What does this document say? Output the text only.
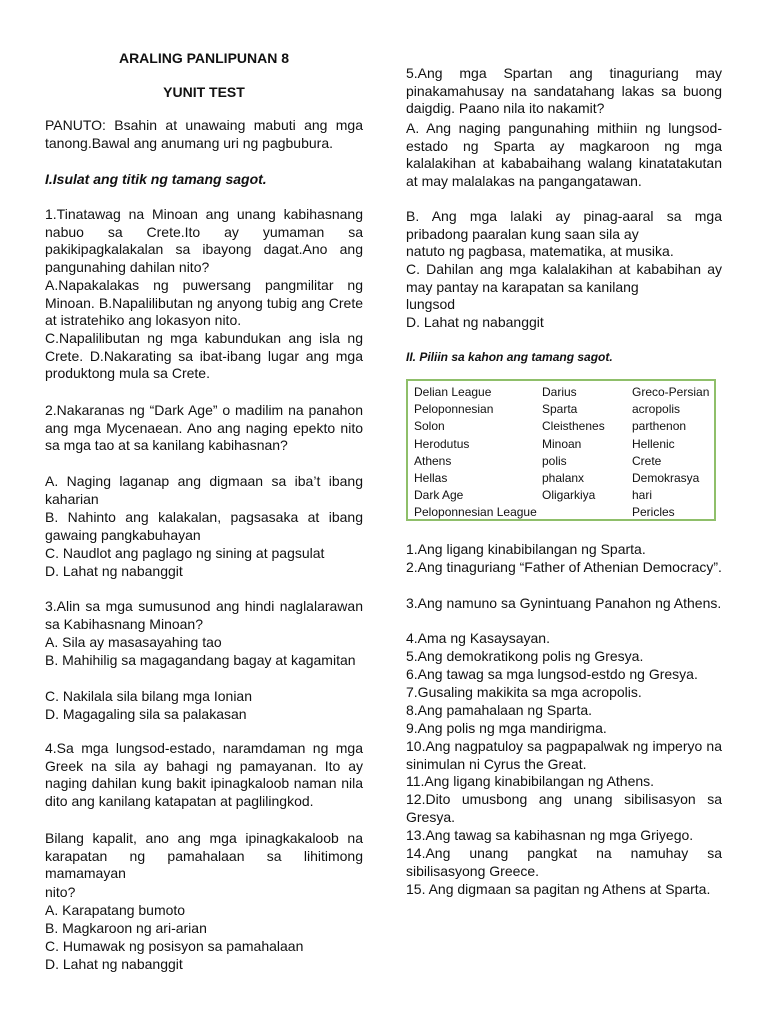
ARALING PANLIPUNAN 8
YUNIT TEST

PANUTO: Bsahin at unawaing mabuti ang mga tanong.Bawal ang anumang uri ng pagbubura.

I.Isulat ang titik ng tamang sagot.

1.Tinatawag na Minoan ang unang kabihasnang nabuo sa Crete.Ito ay yumaman sa pakikipagkalakalan sa ibayong dagat.Ano ang pangunahing dahilan nito?

A.Napakalakas ng puwersang pangmilitar ng Minoan. B.Napalilibutan ng anyong tubig ang Crete at istratehiko ang lokasyon nito.

C.Napalilibutan ng mga kabundukan ang isla ng Crete. D.Nakarating sa ibat-ibang lugar ang mga produktong mula sa Crete.

2.Nakaranas ng “Dark Age” o madilim na panahon ang mga Mycenaean. Ano ang naging epekto nito sa mga tao at sa kanilang kabihasnan?

A. Naging laganap ang digmaan sa iba’t ibang kaharian

B. Nahinto ang kalakalan, pagsasaka at ibang gawaing pangkabuhayan

C. Naudlot ang paglago ng sining at pagsulat

D. Lahat ng nabanggit

3.Alin sa mga sumusunod ang hindi naglalarawan sa Kabihasnang Minoan?

A. Sila ay masasayahing tao

B. Mahihilig sa magagandang bagay at kagamitan

C. Nakilala sila bilang mga Ionian

D. Magagaling sila sa palakasan

4.Sa mga lungsod-estado, naramdaman ng mga Greek na sila ay bahagi ng pamayanan. Ito ay naging dahilan kung bakit ipinagkaloob naman nila dito ang kanilang katapatan at paglilingkod.

Bilang kapalit, ano ang mga ipinagkakaloob na karapatan ng pamahalaan sa lihitimong mamamayan

nito?

A. Karapatang bumoto

B. Magkaroon ng ari-arian

C. Humawak ng posisyon sa pamahalaan

D. Lahat ng nabanggit

5.Ang mga Spartan ang tinaguriang may pinakamahusay na sandatahang lakas sa buong daigdig. Paano nila ito nakamit?

A. Ang naging pangunahing mithiin ng lungsod-estado ng Sparta ay magkaroon ng mga kalalakihan at kababaihang walang kinatatakutan at may malalakas na pangangatawan.

B. Ang mga lalaki ay pinag-aaral sa mga pribadong paaralan kung saan sila ay

natuto ng pagbasa, matematika, at musika.

C. Dahilan ang mga kalalakihan at kababihan ay may pantay na karapatan sa kanilang

lungsod

D. Lahat ng nabanggit

II. Piliin sa kahon ang tamang sagot.

Delian League
Peloponnesian
Solon
Herodutus
Athens
Hellas
Dark Age
Peloponnesian League
Darius
Sparta
Cleisthenes
Minoan
polis
phalanx
Oligarkiya
Greco-Persian
acropolis
parthenon
Hellenic
Crete
Demokrasya
hari
Pericles

1.Ang ligang kinabibilangan ng Sparta.

2.Ang tinaguriang “Father of Athenian Democracy”.

3.Ang namuno sa Gynintuang Panahon ng Athens.

4.Ama ng Kasaysayan.

5.Ang demokratikong polis ng Gresya.

6.Ang tawag sa mga lungsod-estdo ng Gresya.

7.Gusaling makikita sa mga acropolis.

8.Ang pamahalaan ng Sparta.

9.Ang polis ng mga mandirigma.

10.Ang nagpatuloy sa pagpapalwak ng imperyo na sinimulan ni Cyrus the Great.

11.Ang ligang kinabibilangan ng Athens.

12.Dito umusbong ang unang sibilisasyon sa Gresya.

13.Ang tawag sa kabihasnan ng mga Griyego.

14.Ang unang pangkat na namuhay sa sibilisasyong Greece.

15. Ang digmaan sa pagitan ng Athens at Sparta.
